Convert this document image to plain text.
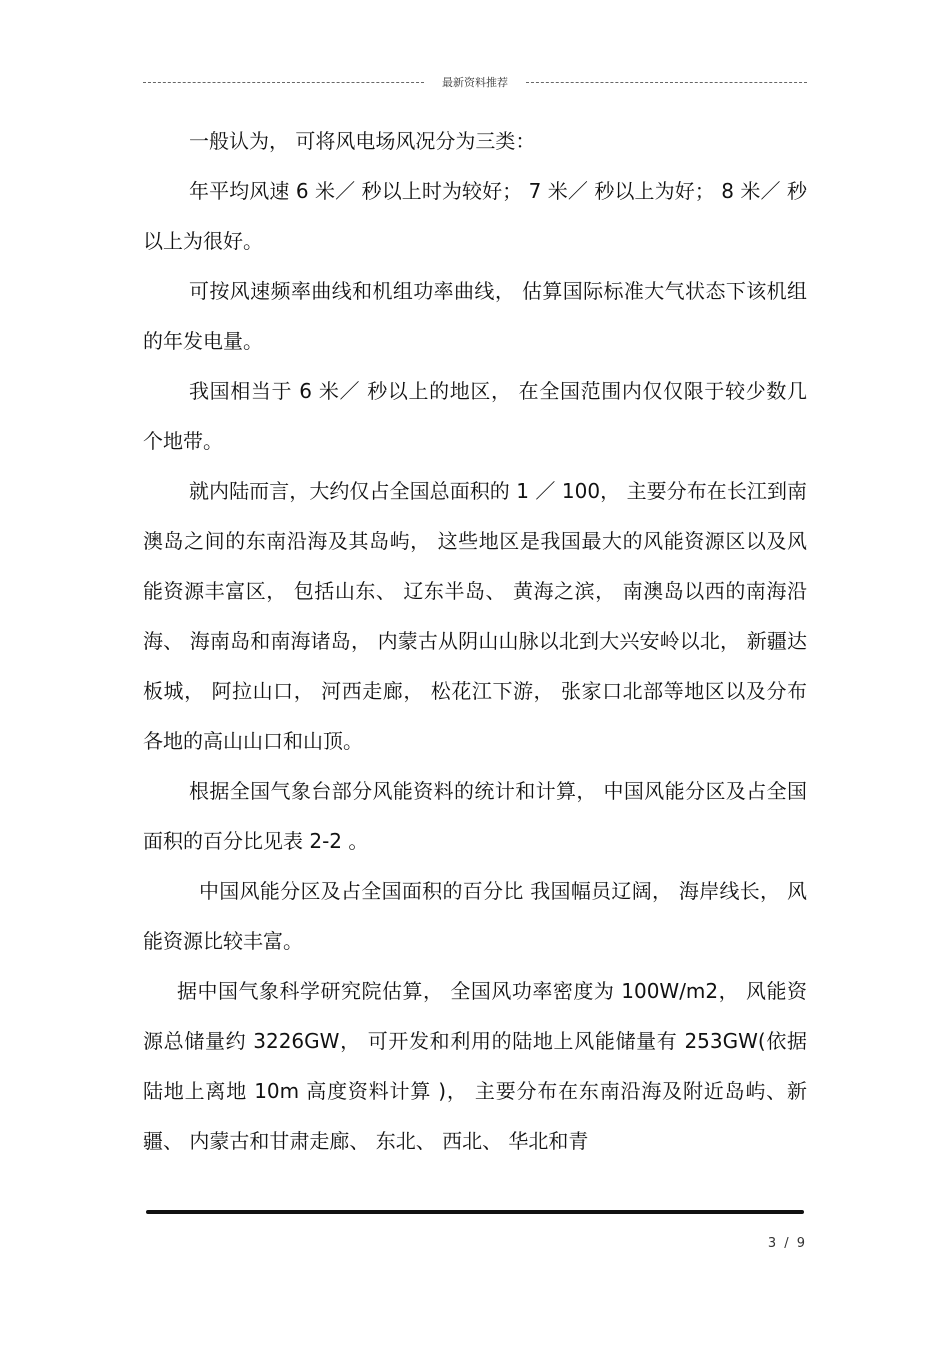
最新资料推荐

一般认为， 可将风电场风况分为三类：

年平均风速 6 米／ 秒以上时为较好； 7 米／ 秒以上为好； 8 米／ 秒以上为很好。

可按风速频率曲线和机组功率曲线， 估算国际标准大气状态下该机组的年发电量。

我国相当于 6 米／ 秒以上的地区， 在全国范围内仅仅限于较少数几个地带。

就内陆而言，大约仅占全国总面积的 1 ／ 100， 主要分布在长江到南澳岛之间的东南沿海及其岛屿， 这些地区是我国最大的风能资源区以及风能资源丰富区， 包括山东、 辽东半岛、 黄海之滨， 南澳岛以西的南海沿海、 海南岛和南海诸岛， 内蒙古从阴山山脉以北到大兴安岭以北， 新疆达板城， 阿拉山口， 河西走廊， 松花江下游， 张家口北部等地区以及分布各地的高山山口和山顶。

根据全国气象台部分风能资料的统计和计算， 中国风能分区及占全国面积的百分比见表 2-2 。

中国风能分区及占全国面积的百分比 我国幅员辽阔， 海岸线长， 风能资源比较丰富。

据中国气象科学研究院估算， 全国风功率密度为 100W/m2， 风能资源总储量约 3226GW， 可开发和利用的陆地上风能储量有 253GW(依据陆地上离地 10m 高度资料计算 )， 主要分布在东南沿海及附近岛屿、新疆、 内蒙古和甘肃走廊、 东北、 西北、 华北和青

3 / 9
